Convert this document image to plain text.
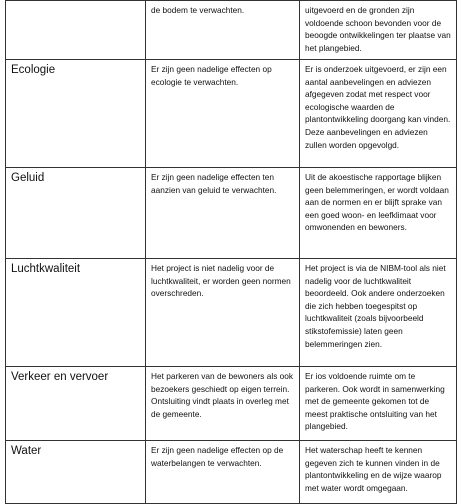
	de bodem te verwachten.	uitgevoerd en de gronden zijn voldoende schoon bevonden voor de beoogde ontwikkelingen ter plaatse van het plangebied.
Ecologie	Er zijn geen nadelige effecten op ecologie te verwachten.	Er is onderzoek uitgevoerd, er zijn een aantal aanbevelingen en adviezen afgegeven zodat met respect voor ecologische waarden de plantontwikkeling doorgang kan vinden. Deze aanbevelingen en adviezen zullen worden opgevolgd.
Geluid	Er zijn geen nadelige effecten ten aanzien van geluid te verwachten.	Uit de akoestische rapportage blijken geen belemmeringen, er wordt voldaan aan de normen en er blijft sprake van een goed woon- en leefklimaat voor omwonenden en bewoners.
Luchtkwaliteit	Het project is niet nadelig voor de luchtkwaliteit, er worden geen normen overschreden.	Het project is via de NIBM-tool als niet nadelig voor de luchtkwaliteit beoordeeld. Ook andere onderzoeken die zich hebben toegespitst op luchtkwaliteit (zoals bijvoorbeeld stikstofemissie) laten geen belemmeringen zien.
Verkeer en vervoer	Het parkeren van de bewoners als ook bezoekers geschiedt op eigen terrein. Ontsluiting vindt plaats in overleg met de gemeente.	Er ios voldoende ruimte om te parkeren. Ook wordt in samenwerking met de gemeente gekomen tot de meest praktische ontsluiting van het plangebied.
Water	Er zijn geen nadelige effecten op de waterbelangen te verwachten.	Het waterschap heeft te kennen gegeven zich te kunnen vinden in de plantontwikkeling en de wijze waarop met water wordt omgegaan.
